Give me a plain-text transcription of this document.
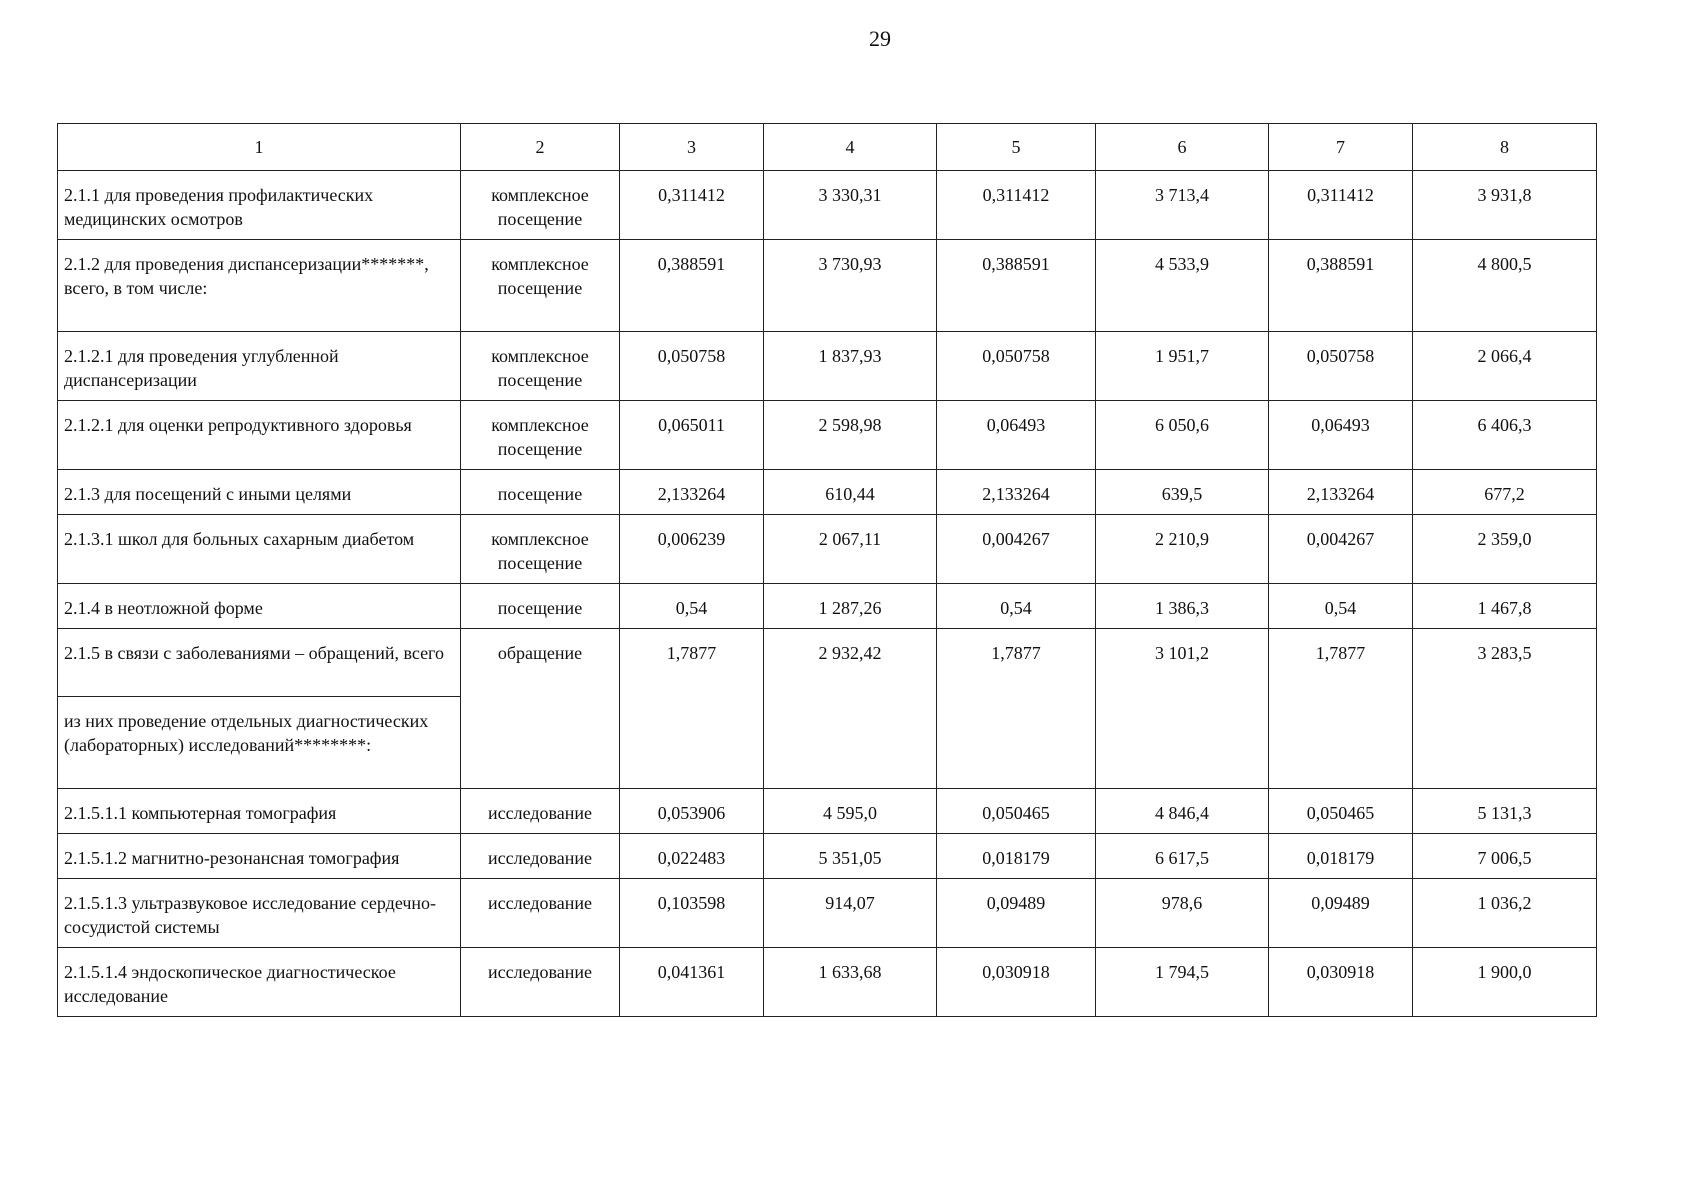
29
1	2	3	4	5	6	7	8
2.1.1 для проведения профилактических медицинских осмотров	комплексное посещение	0,311412	3 330,31	0,311412	3 713,4	0,311412	3 931,8
2.1.2 для проведения диспансеризации*******, всего, в том числе:	комплексное посещение	0,388591	3 730,93	0,388591	4 533,9	0,388591	4 800,5
2.1.2.1 для проведения углубленной диспансеризации	комплексное посещение	0,050758	1 837,93	0,050758	1 951,7	0,050758	2 066,4
2.1.2.1 для оценки репродуктивного здоровья	комплексное посещение	0,065011	2 598,98	0,06493	6 050,6	0,06493	6 406,3
2.1.3 для посещений с иными целями	посещение	2,133264	610,44	2,133264	639,5	2,133264	677,2
2.1.3.1 школ для больных сахарным диабетом	комплексное посещение	0,006239	2 067,11	0,004267	2 210,9	0,004267	2 359,0
2.1.4 в неотложной форме	посещение	0,54	1 287,26	0,54	1 386,3	0,54	1 467,8
2.1.5 в связи с заболеваниями – обращений, всего	обращение	1,7877	2 932,42	1,7877	3 101,2	1,7877	3 283,5
из них проведение отдельных диагностических (лабораторных) исследований********:							
2.1.5.1.1 компьютерная томография	исследование	0,053906	4 595,0	0,050465	4 846,4	0,050465	5 131,3
2.1.5.1.2 магнитно-резонансная томография	исследование	0,022483	5 351,05	0,018179	6 617,5	0,018179	7 006,5
2.1.5.1.3 ультразвуковое исследование сердечно-сосудистой системы	исследование	0,103598	914,07	0,09489	978,6	0,09489	1 036,2
2.1.5.1.4 эндоскопическое диагностическое исследование	исследование	0,041361	1 633,68	0,030918	1 794,5	0,030918	1 900,0
